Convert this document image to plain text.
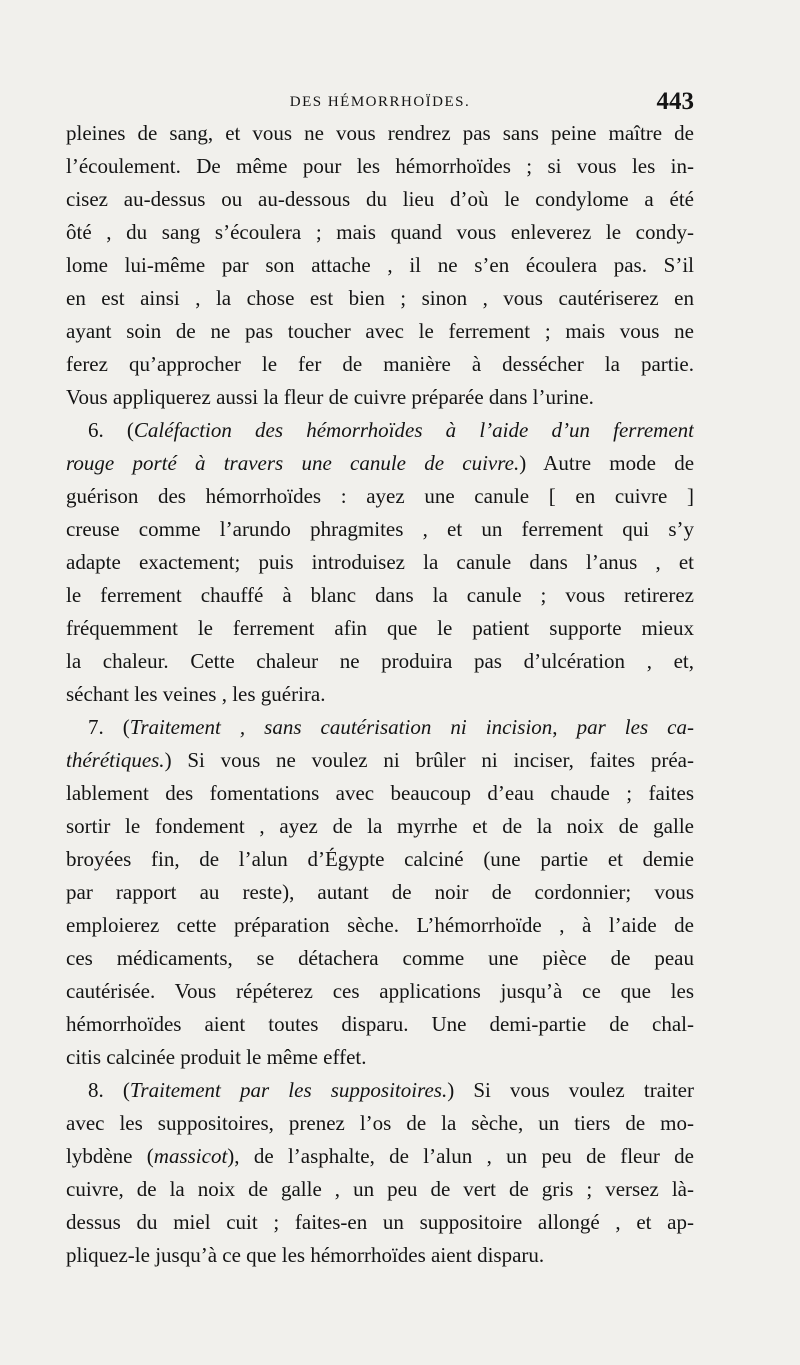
DES HÉMORRHOÏDES.	443
pleines de sang, et vous ne vous rendrez pas sans peine maître de
l’écoulement. De même pour les hémorrhoïdes ; si vous les in-
cisez au-dessus ou au-dessous du lieu d’où le condylome a été
ôté , du sang s’écoulera ; mais quand vous enleverez le condy-
lome lui-même par son attache , il ne s’en écoulera pas. S’il
en est ainsi , la chose est bien ; sinon , vous cautériserez en
ayant soin de ne pas toucher avec le ferrement ; mais vous ne
ferez qu’approcher le fer de manière à dessécher la partie.
Vous appliquerez aussi la fleur de cuivre préparée dans l’urine.
6. (Caléfaction des hémorrhoïdes à l’aide d’un ferrement
rouge porté à travers une canule de cuivre.) Autre mode de
guérison des hémorrhoïdes : ayez une canule [ en cuivre ]
creuse comme l’arundo phragmites , et un ferrement qui s’y
adapte exactement; puis introduisez la canule dans l’anus , et
le ferrement chauffé à blanc dans la canule ; vous retirerez
fréquemment le ferrement afin que le patient supporte mieux
la chaleur. Cette chaleur ne produira pas d’ulcération , et,
séchant les veines , les guérira.
7. (Traitement , sans cautérisation ni incision, par les ca-
thérétiques.) Si vous ne voulez ni brûler ni inciser, faites préa-
lablement des fomentations avec beaucoup d’eau chaude ; faites
sortir le fondement , ayez de la myrrhe et de la noix de galle
broyées fin, de l’alun d’Égypte calciné (une partie et demie
par rapport au reste), autant de noir de cordonnier; vous
emploierez cette préparation sèche. L’hémorrhoïde , à l’aide de
ces médicaments, se détachera comme une pièce de peau
cautérisée. Vous répéterez ces applications jusqu’à ce que les
hémorrhoïdes aient toutes disparu. Une demi-partie de chal-
citis calcinée produit le même effet.
8. (Traitement par les suppositoires.) Si vous voulez traiter
avec les suppositoires, prenez l’os de la sèche, un tiers de mo-
lybdène (massicot), de l’asphalte, de l’alun , un peu de fleur de
cuivre, de la noix de galle , un peu de vert de gris ; versez là-
dessus du miel cuit ; faites-en un suppositoire allongé , et ap-
pliquez-le jusqu’à ce que les hémorrhoïdes aient disparu.
